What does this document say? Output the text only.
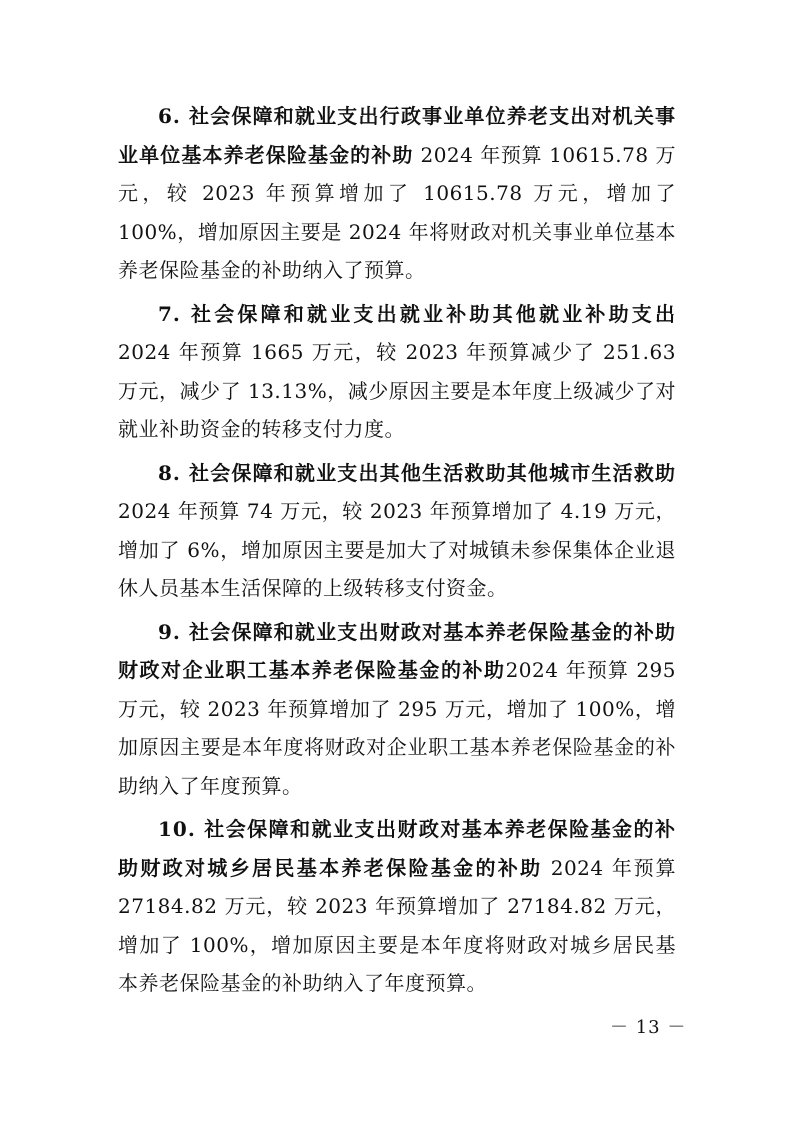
6. 社会保障和就业支出行政事业单位养老支出对机关事业单位基本养老保险基金的补助 2024 年预算 10615.78 万元，较 2023 年预算增加了 10615.78 万元，增加了 100%，增加原因主要是 2024 年将财政对机关事业单位基本养老保险基金的补助纳入了预算。

7. 社会保障和就业支出就业补助其他就业补助支出2024 年预算 1665 万元，较 2023 年预算减少了 251.63 万元，减少了 13.13%，减少原因主要是本年度上级减少了对就业补助资金的转移支付力度。

8. 社会保障和就业支出其他生活救助其他城市生活救助 2024 年预算 74 万元，较 2023 年预算增加了 4.19 万元，增加了 6%，增加原因主要是加大了对城镇未参保集体企业退休人员基本生活保障的上级转移支付资金。

9. 社会保障和就业支出财政对基本养老保险基金的补助财政对企业职工基本养老保险基金的补助2024 年预算 295 万元，较 2023 年预算增加了 295 万元，增加了 100%，增加原因主要是本年度将财政对企业职工基本养老保险基金的补助纳入了年度预算。

10. 社会保障和就业支出财政对基本养老保险基金的补助财政对城乡居民基本养老保险基金的补助 2024 年预算 27184.82 万元，较 2023 年预算增加了 27184.82 万元，增加了 100%，增加原因主要是本年度将财政对城乡居民基本养老保险基金的补助纳入了年度预算。

－ 13 －
